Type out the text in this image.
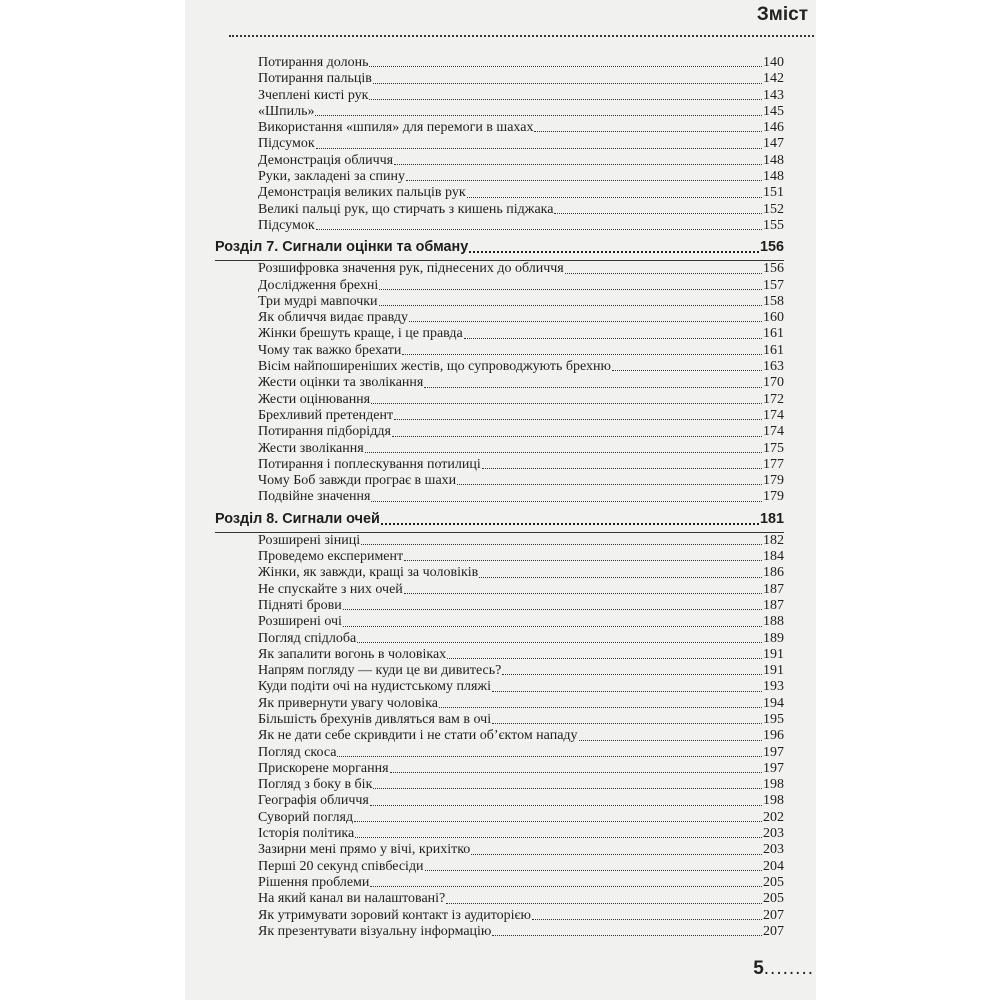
Зміст
Потирання долонь	140
Потирання пальців	142
Зчеплені кисті рук	143
«Шпиль»	145
Використання «шпиля» для перемоги в шахах	146
Підсумок	147
Демонстрація обличчя	148
Руки, закладені за спину	148
Демонстрація великих пальців рук	151
Великі пальці рук, що стирчать з кишень піджака	152
Підсумок	155
Розділ 7. Сигнали оцінки та обману	156
Розшифровка значення рук, піднесених до обличчя	156
Дослідження брехні	157
Три мудрі мавпочки	158
Як обличчя видає правду	160
Жінки брешуть краще, і це правда	161
Чому так важко брехати	161
Вісім найпоширеніших жестів, що супроводжують брехню	163
Жести оцінки та зволікання	170
Жести оцінювання	172
Брехливий претендент	174
Потирання підборіддя	174
Жести зволікання	175
Потирання і поплескування потилиці	177
Чому Боб завжди програє в шахи	179
Подвійне значення	179
Розділ 8. Сигнали очей	181
Розширені зіниці	182
Проведемо експеримент	184
Жінки, як завжди, кращі за чоловіків	186
Не спускайте з них очей	187
Підняті брови	187
Розширені очі	188
Погляд спідлоба	189
Як запалити вогонь в чоловіках	191
Напрям погляду — куди це ви дивитесь?	191
Куди подіти очі на нудистському пляжі	193
Як привернути увагу чоловіка	194
Більшість брехунів дивляться вам в очі	195
Як не дати себе скривдити і не стати об’єктом нападу	196
Погляд скоса	197
Прискорене моргання	197
Погляд з боку в бік	198
Географія обличчя	198
Суворий погляд	202
Історія політика	203
Зазирни мені прямо у вічі, крихітко	203
Перші 20 секунд співбесіди	204
Рішення проблеми	205
На який канал ви налаштовані?	205
Як утримувати зоровий контакт із аудиторією	207
Як презентувати візуальну інформацію	207
5........
